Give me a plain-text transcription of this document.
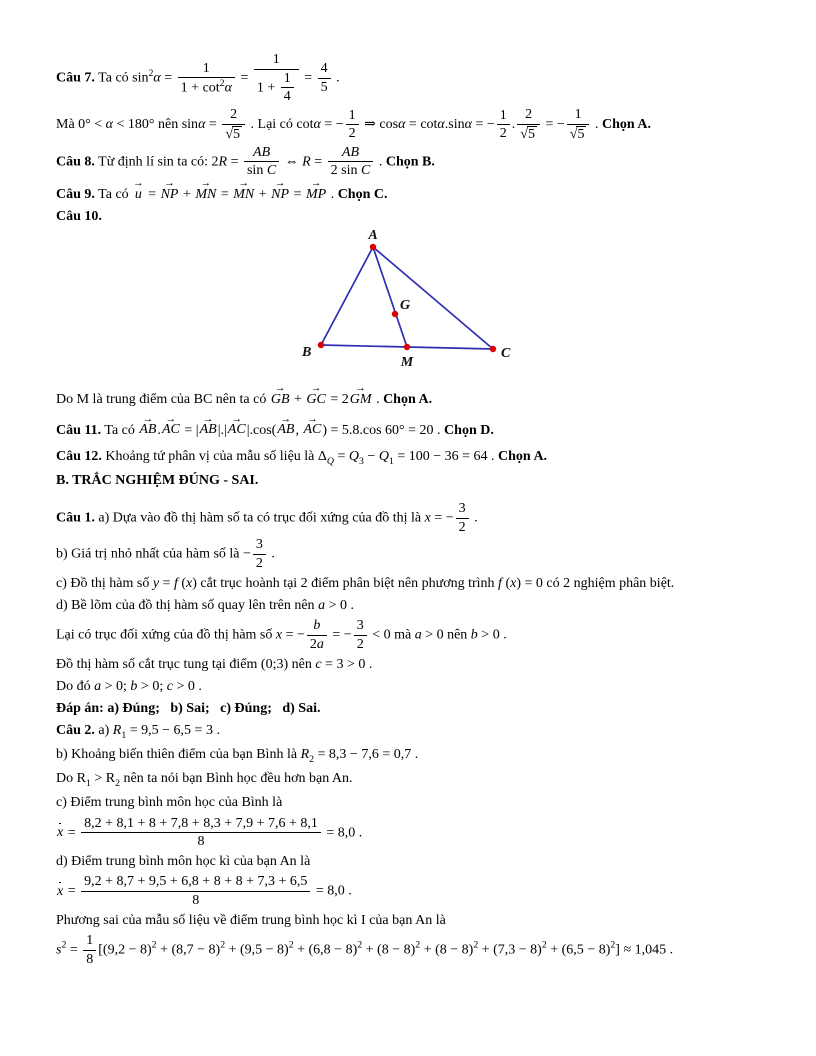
Câu 7. Ta có $\sin^2\alpha = \frac{1}{1 + \cot^2\alpha} = \frac{1}{1 + \frac{1}{4}} = \frac{4}{5}$ .
Mà 0° < α < 180° nên $\sin\alpha = \frac{2}{√5}$ . Lại có cotα = − $\frac{1}{2}$ ⇒ cosα = cotα.sinα = − $\frac{1}{2}$ . $\frac{2}{√5}$ = − $\frac{1}{√5}$ . Chọn A.
Câu 8. Từ định lí sin ta có: $2R = \frac{AB}{\text{sin C}}$ ⇔ $R = \frac{AB}{\text{2 sin C}}$ . Chọn B.
Câu 9. Ta có
→
u =
→
NP +
→
MN =
→
MN +
→
NP =
→
MP . Chọn C.
Câu 10.
A
B	C
G
M
Do M là trung điểm của BC nên ta có
→
GB +
→
GC = 2
→
GM . Chọn A.
Câu 11. Ta có
→
AB .
→
AC = |
→
AB |.|
→
AC |.cos(
→
AB ,
→
AC ) = 5.8.cos 60° = 20 . Chọn D.
Câu 12. Khoảng tứ phân vị của mẫu số liệu là $\Delta_Q = Q_3 - Q_1 = 100 - 36 = 64$ . Chọn A.
B. TRẮC NGHIỆM ĐÚNG - SAI.
Câu 1. a) Dựa vào đồ thị hàm số ta có trục đối xứng của đồ thị là x = − $\frac{3}{2}$ .
b) Giá trị nhỏ nhất của hàm số là − $\frac{3}{2}$ .
c) Đồ thị hàm số y = f (x) cắt trục hoành tại 2 điểm phân biệt nên phương trình f (x) = 0 có 2 nghiệm phân biệt.
d) Bề lõm của đồ thị hàm số quay lên trên nên a > 0 .
Lại có trục đối xứng của đồ thị hàm số x = − $\frac{b}{2a}$ = − $\frac{3}{2} < 0$ mà a > 0 nên b > 0 .
Đồ thị hàm số cắt trục tung tại điểm (0;3) nên c = 3 > 0 .
Do đó a > 0; b > 0; c > 0 .
Đáp án: a) Đúng;   b) Sai;   c) Đúng;   d) Sai.
Câu 2. a) $R_1 = 9,5 - 6,5 = 3$ .
b) Khoảng biến thiên điểm của bạn Bình là $R_2 = 8,3 - 7,6 = 0,7$ .
Do $R_1 > R_2$ nên ta nói bạn Bình học đều hơn bạn An.
c) Điểm trung bình môn học của Bình là
$x = \frac{8,2 + 8,1 + 8 + 7,8 + 8,3 + 7,9 + 7,6 + 8,1}{8} = 8,0$ .
d) Điểm trung bình môn học kì của bạn An là
$x = \frac{9,2 + 8,7 + 9,5 + 6,8 + 8 + 8 + 7,3 + 6,5}{8} = 8,0$ .
Phương sai của mẫu số liệu về điểm trung bình học kì I của bạn An là
$s^2 = \frac{1}{8} [(9,2 - 8)^2 + (8,7 - 8)^2 + (9,5 - 8)^2 + (6,8 - 8)^2 + (8 - 8)^2 + (8 - 8)^2 + (7,3 - 8)^2 + (6,5 - 8)^2] \approx 1,045$ .
